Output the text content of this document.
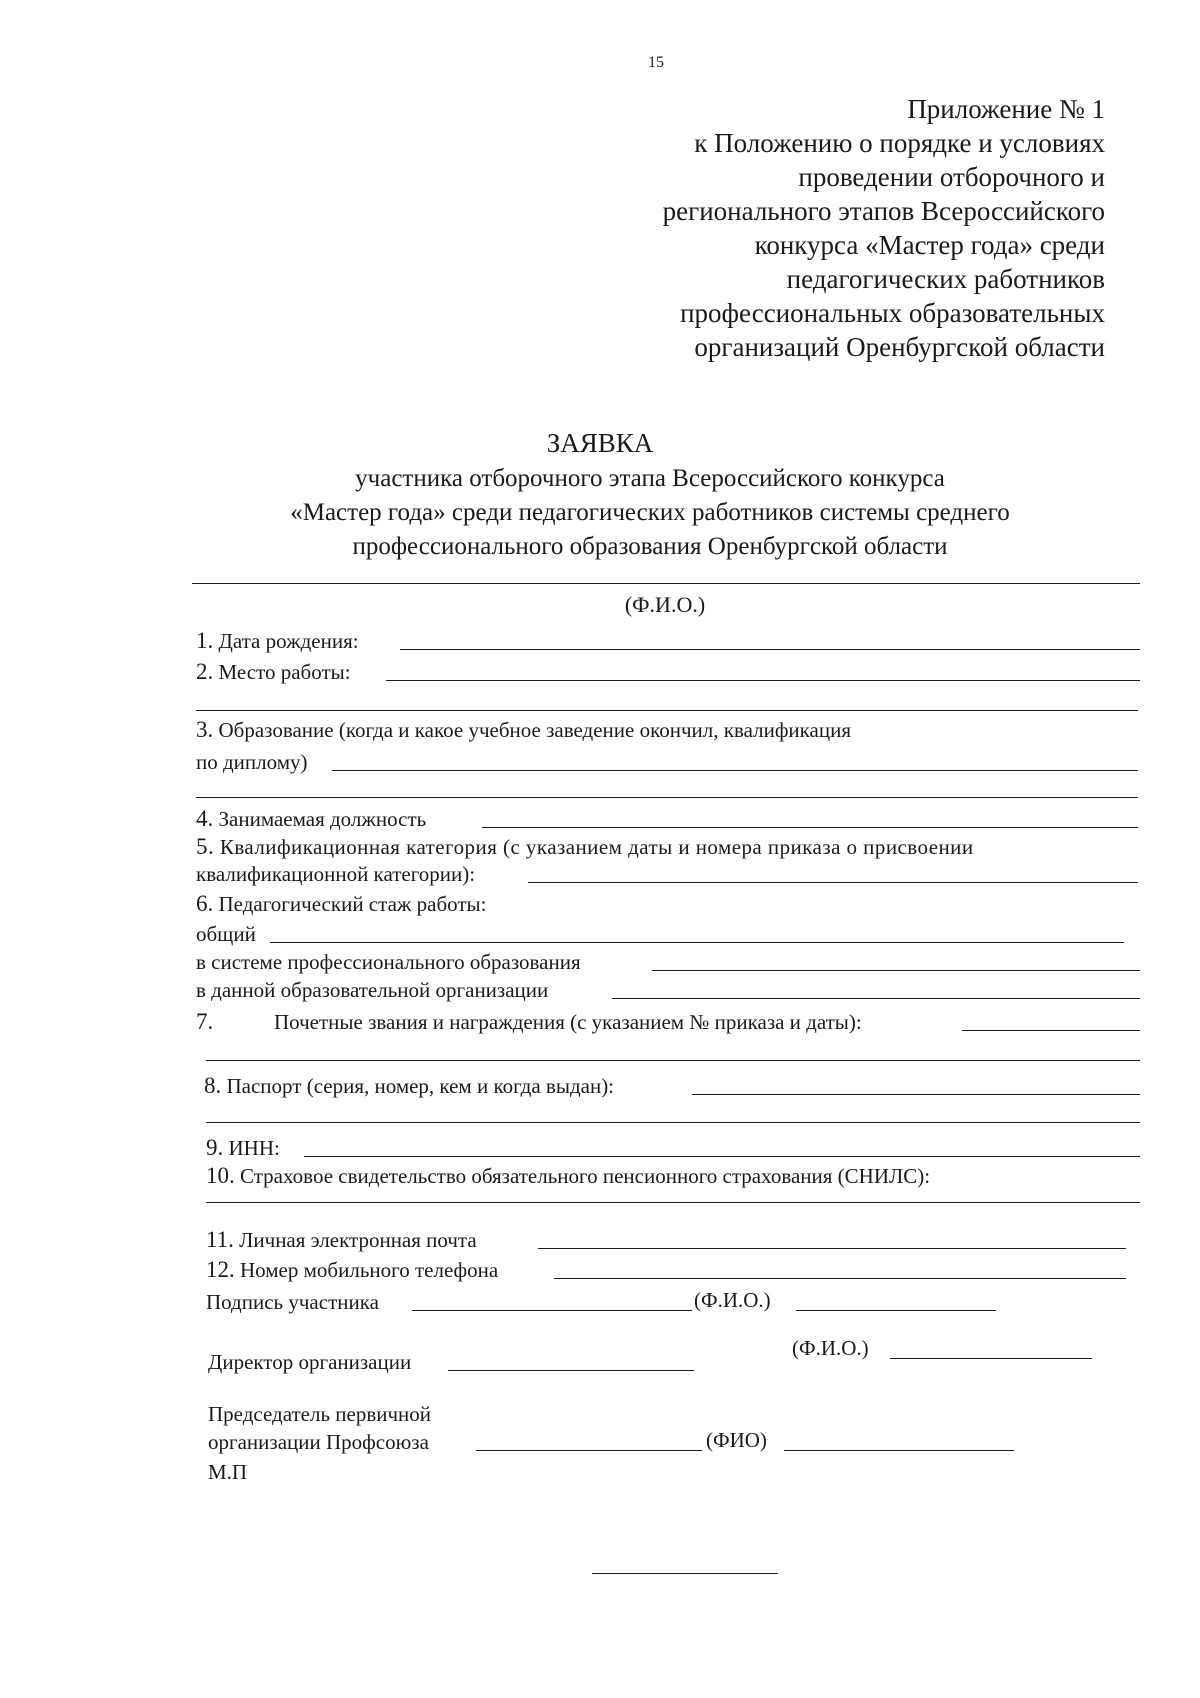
15
Приложение № 1
к Положению о порядке и условиях
проведении отборочного и
регионального этапов Всероссийского
конкурса «Мастер года» среди
педагогических работников
профессиональных образовательных
организаций Оренбургской области
ЗАЯВКА
участника отборочного этапа Всероссийского конкурса
«Мастер года» среди педагогических работников системы среднего
профессионального образования Оренбургской области
(Ф.И.О.)
1. Дата рождения:
2. Место работы:
3. Образование (когда и какое учебное заведение окончил, квалификация
по диплому)
4. Занимаемая должность
5. Квалификационная категория (с указанием даты и номера приказа о присвоении
квалификационной категории):
6. Педагогический стаж работы:
общий
в системе профессионального образования
в данной образовательной организации
7.	Почетные звания и награждения (с указанием № приказа и даты):
8. Паспорт (серия, номер, кем и когда выдан):
9. ИНН:
10. Страховое свидетельство обязательного пенсионного страхования (СНИЛС):
11. Личная электронная почта
12. Номер мобильного телефона
Подпись участника	(Ф.И.О.)
Директор организации
(Ф.И.О.)
Председатель первичной
организации Профсоюза	(ФИО)
М.П
